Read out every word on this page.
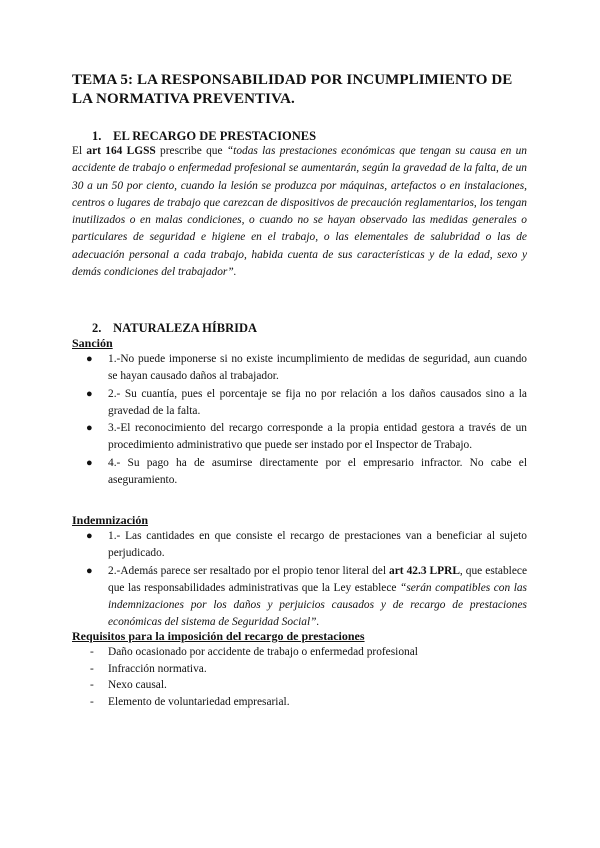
TEMA 5: LA RESPONSABILIDAD POR INCUMPLIMIENTO DE LA NORMATIVA PREVENTIVA.
1. EL RECARGO DE PRESTACIONES

El art 164 LGSS prescribe que “todas las prestaciones económicas que tengan su causa en un accidente de trabajo o enfermedad profesional se aumentarán, según la gravedad de la falta, de un 30 a un 50 por ciento, cuando la lesión se produzca por máquinas, artefactos o en instalaciones, centros o lugares de trabajo que carezcan de dispositivos de precaución reglamentarios, los tengan inutilizados o en malas condiciones, o cuando no se hayan observado las medidas generales o particulares de seguridad e higiene en el trabajo, o las elementales de salubridad o las de adecuación personal a cada trabajo, habida cuenta de sus características y de la edad, sexo y demás condiciones del trabajador”.

2. NATURALEZA HÍBRIDA
Sanción
● 1.-No puede imponerse si no existe incumplimiento de medidas de seguridad, aun cuando se hayan causado daños al trabajador.
● 2.- Su cuantía, pues el porcentaje se fija no por relación a los daños causados sino a la gravedad de la falta.
● 3.-El reconocimiento del recargo corresponde a la propia entidad gestora a través de un procedimiento administrativo que puede ser instado por el Inspector de Trabajo.
● 4.- Su pago ha de asumirse directamente por el empresario infractor. No cabe el aseguramiento.
Indemnización
● 1.- Las cantidades en que consiste el recargo de prestaciones van a beneficiar al sujeto perjudicado.
● 2.-Además parece ser resaltado por el propio tenor literal del art 42.3 LPRL, que establece que las responsabilidades administrativas que la Ley establece “serán compatibles con las indemnizaciones por los daños y perjuicios causados y de recargo de prestaciones económicas del sistema de Seguridad Social”.
Requisitos para la imposición del recargo de prestaciones
- Daño ocasionado por accidente de trabajo o enfermedad profesional
- Infracción normativa.
- Nexo causal.
- Elemento de voluntariedad empresarial.
